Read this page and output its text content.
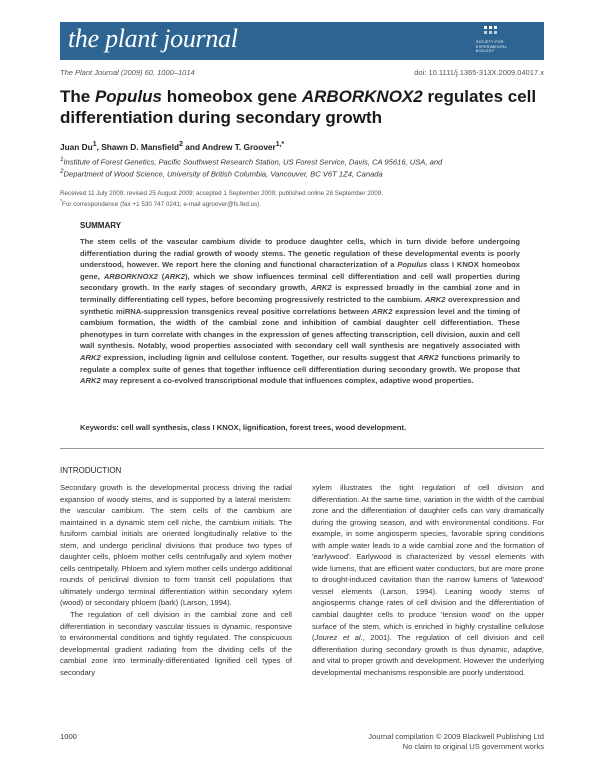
the plant journal	SOCIETY FOR
EXPERIMENTAL
BIOLOGY
The Plant Journal (2009) 60, 1000–1014	doi: 10.1111/j.1365-313X.2009.04017.x
The Populus homeobox gene ARBORKNOX2 regulates cell differentiation during secondary growth
Juan Du$^1$, Shawn D. Mansfield$^2$ and Andrew T. Groover$^{1,*}$
$^1$Institute of Forest Genetics, Pacific Southwest Research Station, US Forest Service, Davis, CA 95616, USA, and
$^2$Department of Wood Science, University of British Columbia, Vancouver, BC V6T 1Z4, Canada
Received 11 July 2009; revised 25 August 2009; accepted 1 September 2009; published online 28 September 2009.
*For correspondence (fax +1 530 747 0241; e-mail agroover@fs.fed.us).
SUMMARY
The stem cells of the vascular cambium divide to produce daughter cells, which in turn divide before undergoing differentiation during the radial growth of woody stems. The genetic regulation of these developmental events is poorly understood, however. We report here the cloning and functional characterization of a Populus class I KNOX homeobox gene, ARBORKNOX2 (ARK2), which we show influences terminal cell differentiation and cell wall properties during secondary growth. In the early stages of secondary growth, ARK2 is expressed broadly in the cambial zone and in terminally differentiating cell types, before becoming progressively restricted to the cambium. ARK2 overexpression and synthetic miRNA-suppression transgenics reveal positive correlations between ARK2 expression level and the timing of cambium formation, the width of the cambial zone and inhibition of cambial daughter cell differentiation. These phenotypes in turn correlate with changes in the expression of genes affecting transcription, cell division, auxin and cell wall synthesis. Notably, wood properties associated with secondary cell wall synthesis are negatively associated with ARK2 expression, including lignin and cellulose content. Together, our results suggest that ARK2 functions primarily to regulate a complex suite of genes that together influence cell differentiation during secondary growth. We propose that ARK2 may represent a co-evolved transcriptional module that influences complex, adaptive wood properties.
Keywords: cell wall synthesis, class I KNOX, lignification, forest trees, wood development.
INTRODUCTION

Secondary growth is the developmental process driving the radial expansion of woody stems, and is supported by a lateral meristem: the vascular cambium. The stem cells of the cambium are maintained in a dynamic stem cell niche, the cambium initials. The fusiform cambial initials are oriented longitudinally relative to the stem, and undergo periclinal divisions that produce two types of daughter cells, phloem mother cells centrifugally and xylem mother cells centripetally. Phloem and xylem mother cells undergo additional rounds of periclinal division to form transit cell populations that ultimately undergo terminal differentiation within secondary xylem (wood) or secondary phloem (bark) (Larson, 1994).

The regulation of cell division in the cambial zone and cell differentiation in secondary vascular tissues is dynamic, responsive to environmental conditions and tightly regulated. The conspicuous developmental gradient radiating from the dividing cells of the cambial zone into terminally-differentiated lignified cell types of secondary

xylem illustrates the tight regulation of cell division and differentiation. At the same time, variation in the width of the cambial zone and the differentiation of daughter cells can vary dramatically during the growing season, and with environmental conditions. For example, in some angiosperm species, favorable spring conditions with ample water leads to a wide cambial zone and the formation of 'earlywood'. Earlywood is characterized by vessel elements with wide lumens, that are efficient water conductors, but are more prone to drought-induced cavitation than the narrow lumens of 'latewood' vessel elements (Larson, 1994). Leaning woody stems of angiosperms change rates of cell division and the differentiation of cambial daughter cells to produce 'tension wood' on the upper surface of the stem, which is enriched in highly crystalline cellulose (Jourez et al., 2001). The regulation of cell division and cell differentiation during secondary growth is thus dynamic, adaptive, and vital to proper growth and development. However the underlying developmental mechanisms responsible are poorly understood.

1000	Journal compilation © 2009 Blackwell Publishing Ltd
No claim to original US government works
